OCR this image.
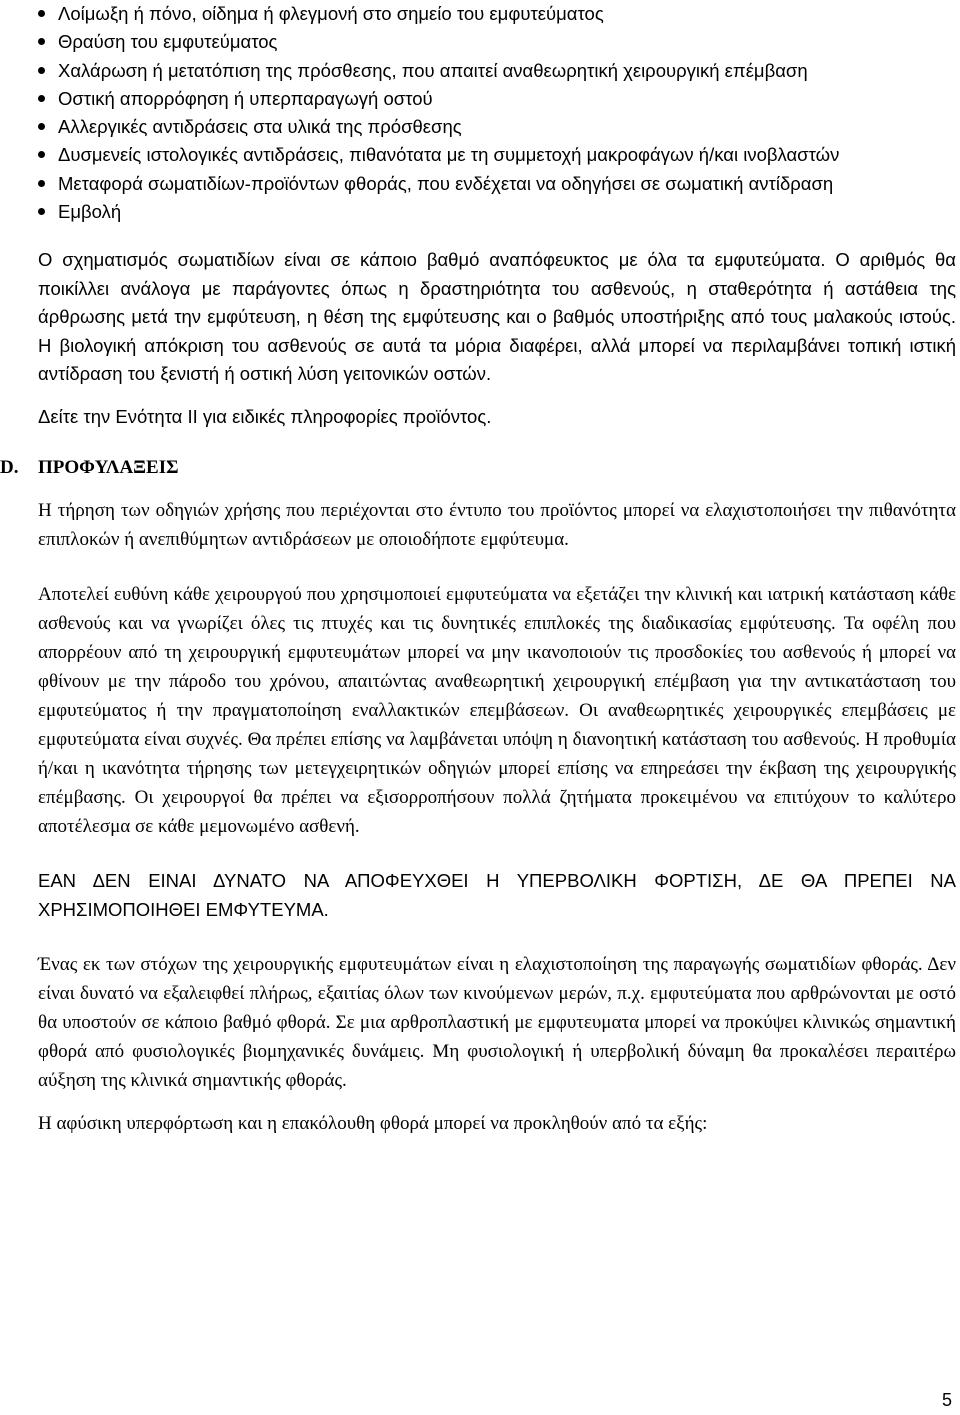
Λοίμωξη ή πόνο, οίδημα ή φλεγμονή στο σημείο του εμφυτεύματος
Θραύση του εμφυτεύματος
Χαλάρωση ή μετατόπιση της πρόσθεσης, που απαιτεί αναθεωρητική χειρουργική επέμβαση
Οστική απορρόφηση ή υπερπαραγωγή οστού
Αλλεργικές αντιδράσεις στα υλικά της πρόσθεσης
Δυσμενείς ιστολογικές αντιδράσεις, πιθανότατα με τη συμμετοχή μακροφάγων ή/και ινοβλαστών
Μεταφορά σωματιδίων-προϊόντων φθοράς, που ενδέχεται να οδηγήσει σε σωματική αντίδραση
Εμβολή

Ο σχηματισμός σωματιδίων είναι σε κάποιο βαθμό αναπόφευκτος με όλα τα εμφυτεύματα. Ο αριθμός θα ποικίλλει ανάλογα με παράγοντες όπως η δραστηριότητα του ασθενούς, η σταθερότητα ή αστάθεια της άρθρωσης μετά την εμφύτευση, η θέση της εμφύτευσης και ο βαθμός υποστήριξης από τους μαλακούς ιστούς. Η βιολογική απόκριση του ασθενούς σε αυτά τα μόρια διαφέρει, αλλά μπορεί να περιλαμβάνει τοπική ιστική αντίδραση του ξενιστή ή οστική λύση γειτονικών οστών.

Δείτε την Ενότητα ΙΙ για ειδικές πληροφορίες προϊόντος.

D.	ΠΡΟΦΥΛΑΞΕΙΣ

Η τήρηση των οδηγιών χρήσης που περιέχονται στο έντυπο του προϊόντος μπορεί να ελαχιστοποιήσει την πιθανότητα επιπλοκών ή ανεπιθύμητων αντιδράσεων με οποιοδήποτε εμφύτευμα.

Αποτελεί ευθύνη κάθε χειρουργού που χρησιμοποιεί εμφυτεύματα να εξετάζει την κλινική και ιατρική κατάσταση κάθε ασθενούς και να γνωρίζει όλες τις πτυχές και τις δυνητικές επιπλοκές της διαδικασίας εμφύτευσης. Τα οφέλη που απορρέουν από τη χειρουργική εμφυτευμάτων μπορεί να μην ικανοποιούν τις προσδοκίες του ασθενούς ή μπορεί να φθίνουν με την πάροδο του χρόνου, απαιτώντας αναθεωρητική χειρουργική επέμβαση για την αντικατάσταση του εμφυτεύματος ή την πραγματοποίηση εναλλακτικών επεμβάσεων. Οι αναθεωρητικές χειρουργικές επεμβάσεις με εμφυτεύματα είναι συχνές. Θα πρέπει επίσης να λαμβάνεται υπόψη η διανοητική κατάσταση του ασθενούς. Η προθυμία ή/και η ικανότητα τήρησης των μετεγχειρητικών οδηγιών μπορεί επίσης να επηρεάσει την έκβαση της χειρουργικής επέμβασης. Οι χειρουργοί θα πρέπει να εξισορροπήσουν πολλά ζητήματα προκειμένου να επιτύχουν το καλύτερο αποτέλεσμα σε κάθε μεμονωμένο ασθενή.

ΕΑΝ ΔΕΝ ΕΙΝΑΙ ΔΥΝΑΤΟ ΝΑ ΑΠΟΦΕΥΧΘΕΙ Η ΥΠΕΡΒΟΛΙΚΗ ΦΟΡΤΙΣΗ, ΔΕ ΘΑ ΠΡΕΠΕΙ ΝΑ ΧΡΗΣΙΜΟΠΟΙΗΘΕΙ ΕΜΦΥΤΕΥΜΑ.

Ένας εκ των στόχων της χειρουργικής εμφυτευμάτων είναι η ελαχιστοποίηση της παραγωγής σωματιδίων φθοράς. Δεν είναι δυνατό να εξαλειφθεί πλήρως, εξαιτίας όλων των κινούμενων μερών, π.χ. εμφυτεύματα που αρθρώνονται με οστό θα υποστούν σε κάποιο βαθμό φθορά. Σε μια αρθροπλαστική με εμφυτευματα μπορεί να προκύψει κλινικώς σημαντική φθορά από φυσιολογικές βιομηχανικές δυνάμεις. Μη φυσιολογική ή υπερβολική δύναμη θα προκαλέσει περαιτέρω αύξηση της κλινικά σημαντικής φθοράς.

Η αφύσικη υπερφόρτωση και η επακόλουθη φθορά μπορεί να προκληθούν από τα εξής:

5
